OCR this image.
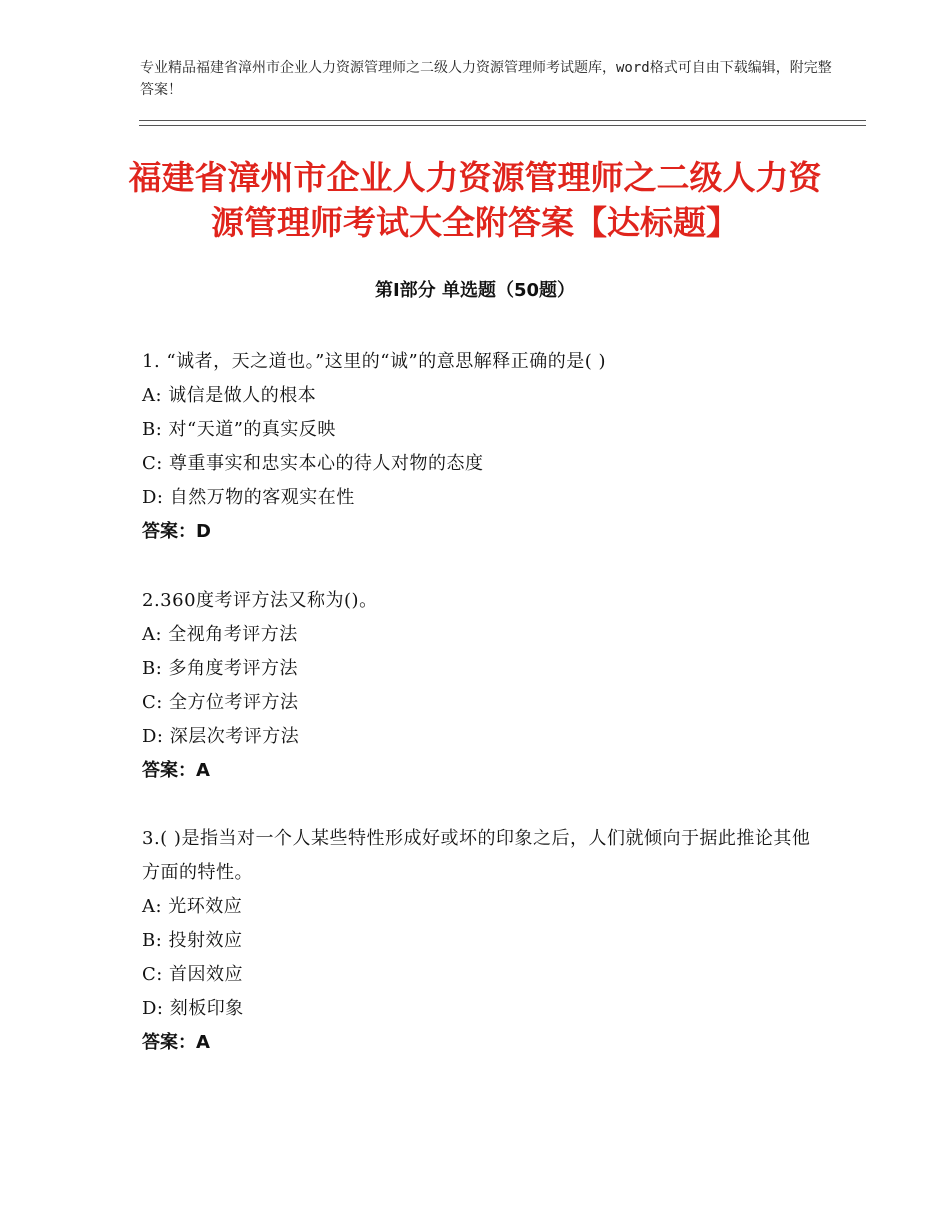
专业精品福建省漳州市企业人力资源管理师之二级人力资源管理师考试题库，word格式可自由下载编辑，附完整答案！
福建省漳州市企业人力资源管理师之二级人力资源管理师考试大全附答案【达标题】
第Ⅰ部分 单选题（50题）
1. “诚者，天之道也。”这里的“诚”的意思解释正确的是( )
A: 诚信是做人的根本
B: 对“天道”的真实反映
C: 尊重事实和忠实本心的待人对物的态度
D: 自然万物的客观实在性
答案：D
2.360度考评方法又称为()。
A: 全视角考评方法
B: 多角度考评方法
C: 全方位考评方法
D: 深层次考评方法
答案：A
3.( )是指当对一个人某些特性形成好或坏的印象之后，人们就倾向于据此推论其他方面的特性。
A: 光环效应
B: 投射效应
C: 首因效应
D: 刻板印象
答案：A
